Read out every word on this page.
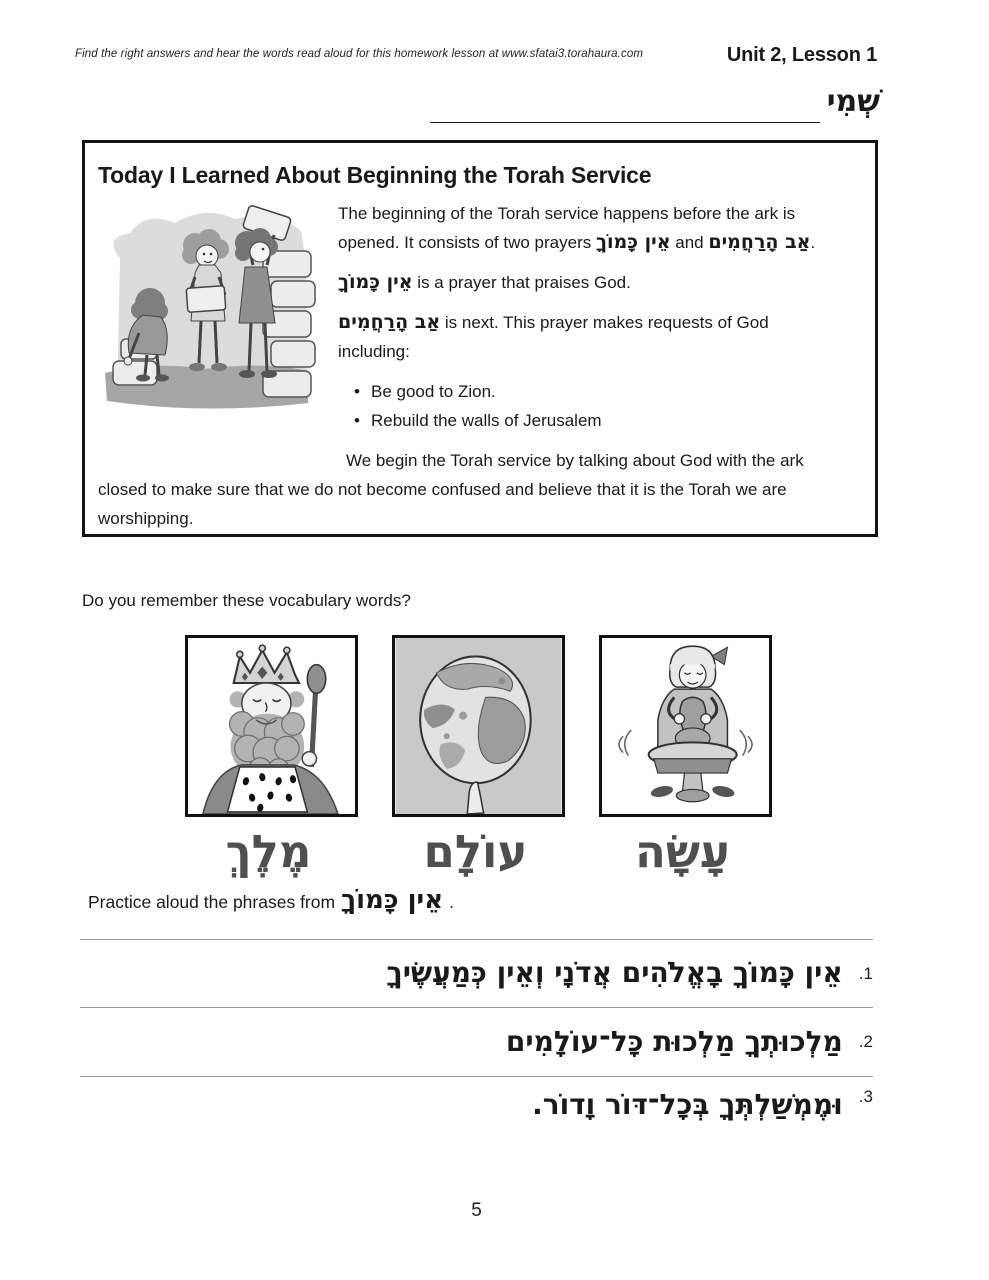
Find the right answers and hear the words read aloud for this homework lesson at www.sfatai3.torahaura.com	Unit 2, Lesson 1
שְׁמִי
Today I Learned About Beginning the Torah Service

The beginning of the Torah service happens before the ark is opened. It consists of two prayers אֵין כָּמוֹךָ and אַב הָרַחֲמִים.

אֵין כָּמוֹךָ is a prayer that praises God.

אַב הָרַחֲמִים is next. This prayer makes requests of God including:

• Be good to Zion.
• Rebuild the walls of Jerusalem

We begin the Torah service by talking about God with the ark closed to make sure that we do not become confused and believe that it is the Torah we are worshipping.

Do you remember these vocabulary words?
מֶלֶךְ	עוֹלָם	עָשָׂה
Practice aloud the phrases from אֵין כָּמוֹךָ .
1.
אֵין כָּמוֹךָ בָאֱלֹהִים אֲדֹנָי וְאֵין כְּמַעֲשֶׂיךָ
2.
מַלְכוּתְךָ מַלְכוּת כָּל־עוֹלָמִים
3.
וּמֶמְשַׁלְתְּךָ בְּכָל־דּוֹר וָדוֹר.
5
